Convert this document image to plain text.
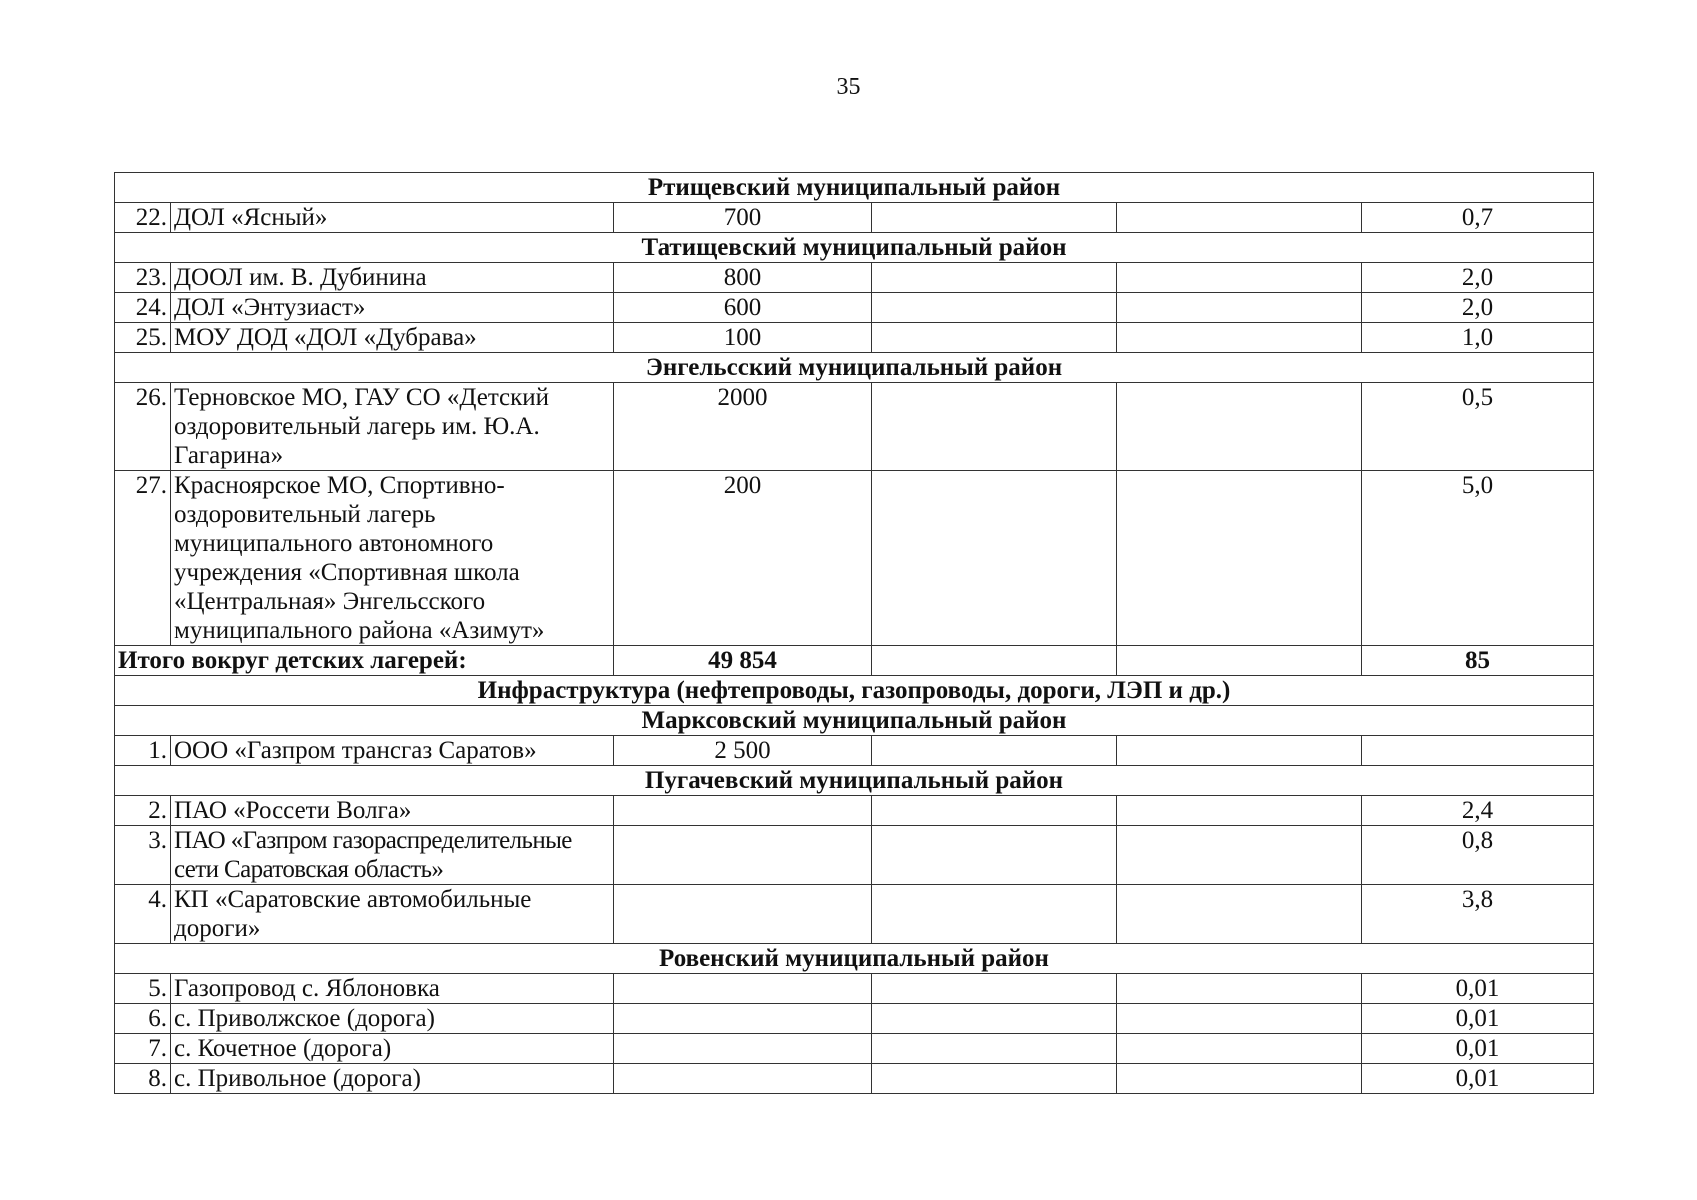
35
Ртищевский муниципальный район					
22.	ДОЛ «Ясный»	700			0,7
Татищевский муниципальный район					
23.	ДООЛ им. В. Дубинина	800			2,0
24.	ДОЛ «Энтузиаст»	600			2,0
25.	МОУ ДОД «ДОЛ «Дубрава»	100			1,0
Энгельсский муниципальный район					
26.	Терновское МО, ГАУ СО «Детский оздоровительный лагерь им. Ю.А. Гагарина»	2000			0,5
27.	Красноярское МО, Спортивно-оздоровительный лагерь муниципального автономного учреждения «Спортивная школа «Центральная» Энгельсского муниципального района «Азимут»	200			5,0
Итого вокруг детских лагерей:		49 854			85
Инфраструктура (нефтепроводы, газопроводы, дороги, ЛЭП и др.)					
Марксовский муниципальный район					
1.	ООО «Газпром трансгаз Саратов»	2 500			
Пугачевский муниципальный район					
2.	ПАО «Россети Волга»				2,4
3.	ПАО «Газпром газораспределительные сети Саратовская область»				0,8
4.	КП «Саратовские автомобильные дороги»				3,8
Ровенский муниципальный район					
5.	Газопровод с. Яблоновка				0,01
6.	с. Приволжское (дорога)				0,01
7.	с. Кочетное (дорога)				0,01
8.	с. Привольное (дорога)				0,01
